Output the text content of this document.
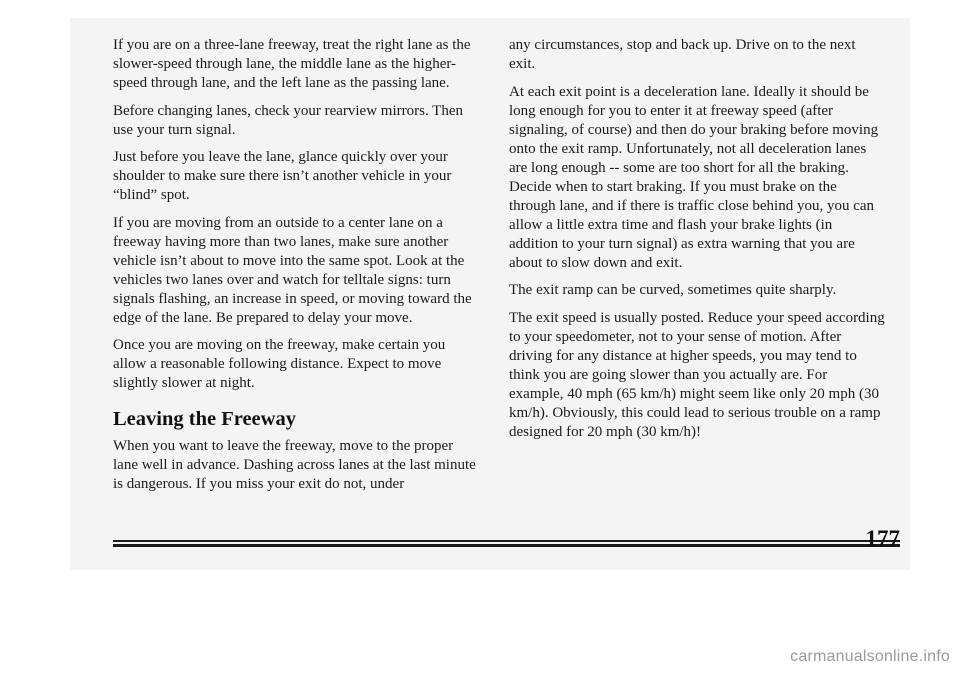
If you are on a three-lane freeway, treat the right lane as the slower-speed through lane, the middle lane as the higher-speed through lane, and the left lane as the passing lane.

Before changing lanes, check your rearview mirrors. Then use your turn signal.

Just before you leave the lane, glance quickly over your shoulder to make sure there isn’t another vehicle in your “blind” spot.

If you are moving from an outside to a center lane on a freeway having more than two lanes, make sure another vehicle isn’t about to move into the same spot. Look at the vehicles two lanes over and watch for telltale signs: turn signals flashing, an increase in speed, or moving toward the edge of the lane. Be prepared to delay your move.

Once you are moving on the freeway, make certain you allow a reasonable following distance. Expect to move slightly slower at night.

Leaving the Freeway

When you want to leave the freeway, move to the proper lane well in advance. Dashing across lanes at the last minute is dangerous. If you miss your exit do not, under

any circumstances, stop and back up. Drive on to the next exit.

At each exit point is a deceleration lane. Ideally it should be long enough for you to enter it at freeway speed (after signaling, of course) and then do your braking before moving onto the exit ramp. Unfortunately, not all deceleration lanes are long enough -- some are too short for all the braking. Decide when to start braking. If you must brake on the through lane, and if there is traffic close behind you, you can allow a little extra time and flash your brake lights (in addition to your turn signal) as extra warning that you are about to slow down and exit.

The exit ramp can be curved, sometimes quite sharply.

The exit speed is usually posted. Reduce your speed according to your speedometer, not to your sense of motion. After driving for any distance at higher speeds, you may tend to think you are going slower than you actually are. For example, 40 mph (65 km/h) might seem like only 20 mph (30 km/h). Obviously, this could lead to serious trouble on a ramp designed for 20 mph (30 km/h)!

177
carmanualsonline.info
